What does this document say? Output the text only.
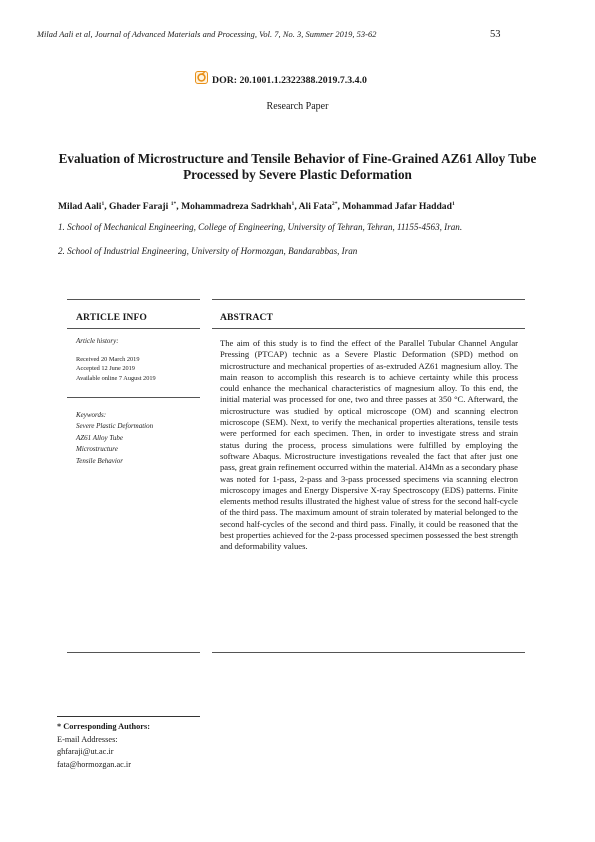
Milad Aali et al, Journal of Advanced Materials and Processing, Vol. 7, No. 3, Summer 2019, 53-62	53
DOR: 20.1001.1.2322388.2019.7.3.4.0
Research Paper
Evaluation of Microstructure and Tensile Behavior of Fine-Grained AZ61 Alloy Tube Processed by Severe Plastic Deformation
Milad Aali$^1$, Ghader Faraji $^{1*}$, Mohammadreza Sadrkhah$^1$, Ali Fata$^{2*}$, Mohammad Jafar Haddad$^1$
1. School of Mechanical Engineering, College of Engineering, University of Tehran, Tehran, 11155-4563, Iran.
2. School of Industrial Engineering, University of Hormozgan, Bandarabbas, Iran
ARTICLE INFO	ABSTRACT
Article history:
Received 20 March 2019
Accepted 12 June 2019
Available online 7 August 2019
Keywords:
Severe Plastic Deformation
AZ61 Alloy Tube
Microstructure
Tensile Behavior
The aim of this study is to find the effect of the Parallel Tubular Channel Angular Pressing (PTCAP) technic as a Severe Plastic Deformation (SPD) method on microstructure and mechanical properties of as-extruded AZ61 magnesium alloy. The main reason to accomplish this research is to achieve certainty while this process could enhance the mechanical characteristics of magnesium alloy. To this end, the initial material was processed for one, two and three passes at 350 °C. Afterward, the microstructure was studied by optical microscope (OM) and scanning electron microscope (SEM). Next, to verify the mechanical properties alterations, tensile tests were performed for each specimen. Then, in order to investigate stress and strain status during the process, process simulations were fulfilled by employing the software Abaqus. Microstructure investigations revealed the fact that after just one pass, great grain refinement occurred within the material. Al4Mn as a secondary phase was noted for 1-pass, 2-pass and 3-pass processed specimens via scanning electron microscopy images and Energy Dispersive X-ray Spectroscopy (EDS) patterns. Finite elements method results illustrated the highest value of stress for the second half-cycle of the third pass. The maximum amount of strain tolerated by material belonged to the second half-cycles of the second and third pass. Finally, it could be reasoned that the best properties achieved for the 2-pass processed specimen possessed the best strength and deformability values.
* Corresponding Authors:
E-mail Addresses:
ghfaraji@ut.ac.ir
fata@hormozgan.ac.ir
